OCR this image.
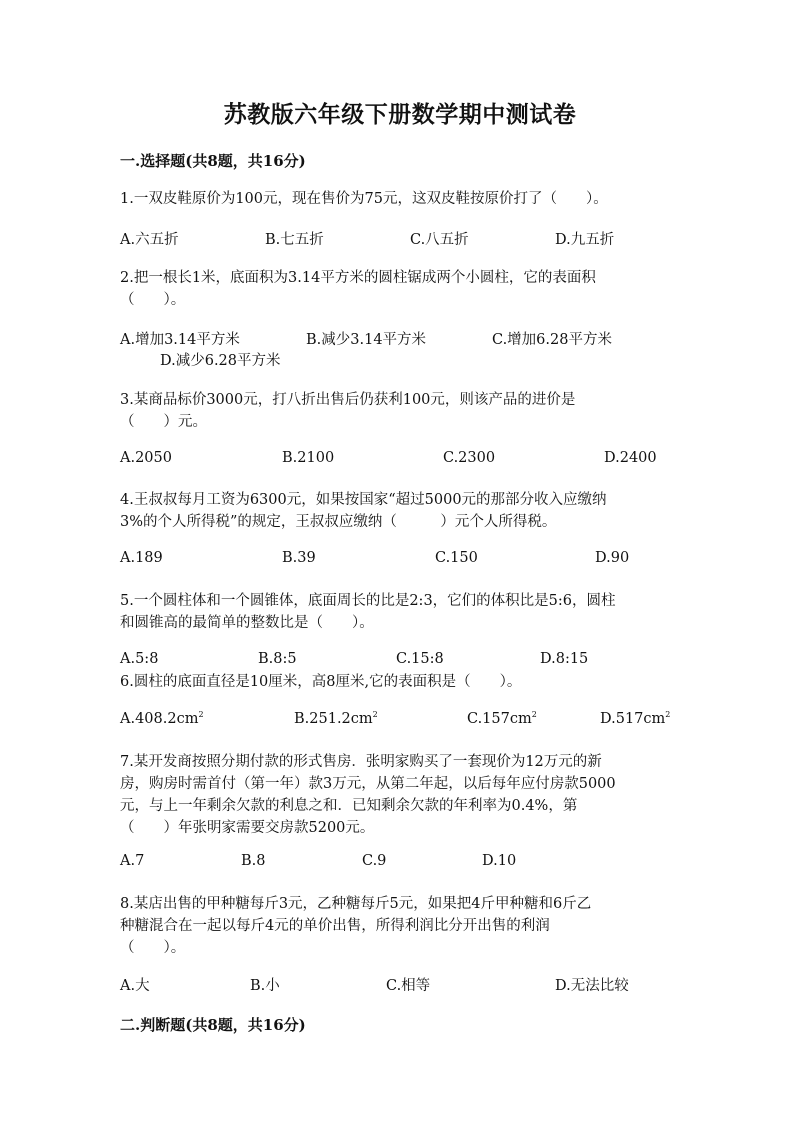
苏教版六年级下册数学期中测试卷
一.选择题(共8题，共16分)
1.一双皮鞋原价为100元，现在售价为75元，这双皮鞋按原价打了（　　）。
A.六五折	B.七五折	C.八五折	D.九五折
2.把一根长1米，底面积为3.14平方米的圆柱锯成两个小圆柱，它的表面积
（　　）。
A.增加3.14平方米	B.减少3.14平方米	C.增加6.28平方米
D.减少6.28平方米
3.某商品标价3000元，打八折出售后仍获利100元，则该产品的进价是
（　　）元。
A.2050	B.2100	C.2300	D.2400
4.王叔叔每月工资为6300元，如果按国家“超过5000元的那部分收入应缴纳
3%的个人所得税”的规定，王叔叔应缴纳（　　　）元个人所得税。
A.189	B.39	C.150	D.90
5.一个圆柱体和一个圆锥体，底面周长的比是2:3，它们的体积比是5:6，圆柱
和圆锥高的最简单的整数比是（　　）。
A.5:8	B.8:5	C.15:8	D.8:15
6.圆柱的底面直径是10厘米，高8厘米,它的表面积是（　　）。
$A.408.2cm^2$	$B.251.2cm^2$	$C.157cm^2$	$D.517cm^2$
7.某开发商按照分期付款的形式售房．张明家购买了一套现价为12万元的新
房，购房时需首付（第一年）款3万元，从第二年起，以后每年应付房款5000
元，与上一年剩余欠款的利息之和．已知剩余欠款的年利率为0.4%，第
（　　）年张明家需要交房款5200元。
A.7	B.8	C.9	D.10
8.某店出售的甲种糖每斤3元，乙种糖每斤5元，如果把4斤甲种糖和6斤乙
种糖混合在一起以每斤4元的单价出售，所得利润比分开出售的利润
（　　）。
A.大	B.小	C.相等	D.无法比较
二.判断题(共8题，共16分)
